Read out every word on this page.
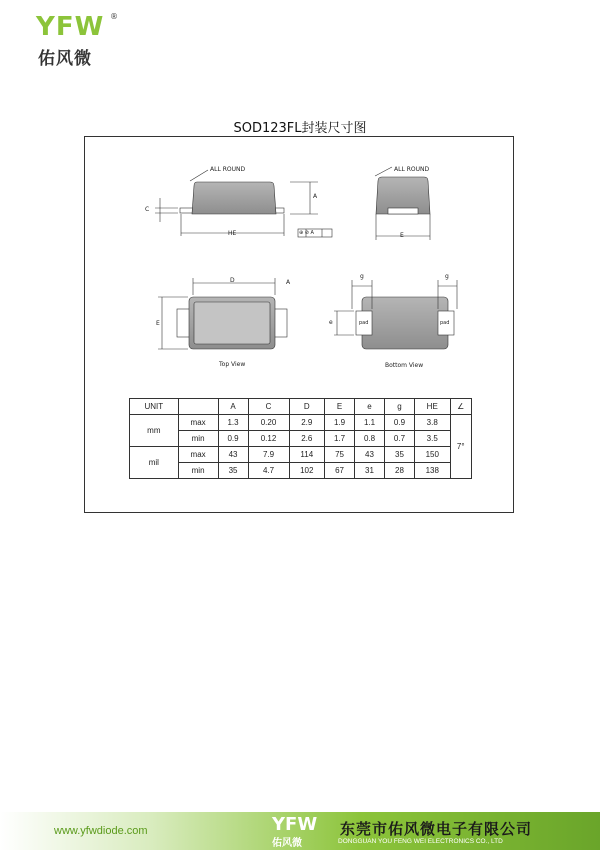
YFW ®
佑风微
SOD123FL封装尺寸图
ALL ROUND	ALL ROUND
A
C
HE	⊕ ⊘ A	E
D	A
E
g	g
e	pad	pad
Top View	Bottom View
UNIT		A	C	D	E	e	g	HE	∠
mm	max	1.3	0.20	2.9	1.9	1.1	0.9	3.8	7°
	min	0.9	0.12	2.6	1.7	0.8	0.7	3.5	
mil	max	43	7.9	114	75	43	35	150	
	min	35	4.7	102	67	31	28	138	
www.yfwdiode.com	YFW
佑风微
东莞市佑风微电子有限公司
DONGGUAN YOU FENG WEI ELECTRONICS CO., LTD
